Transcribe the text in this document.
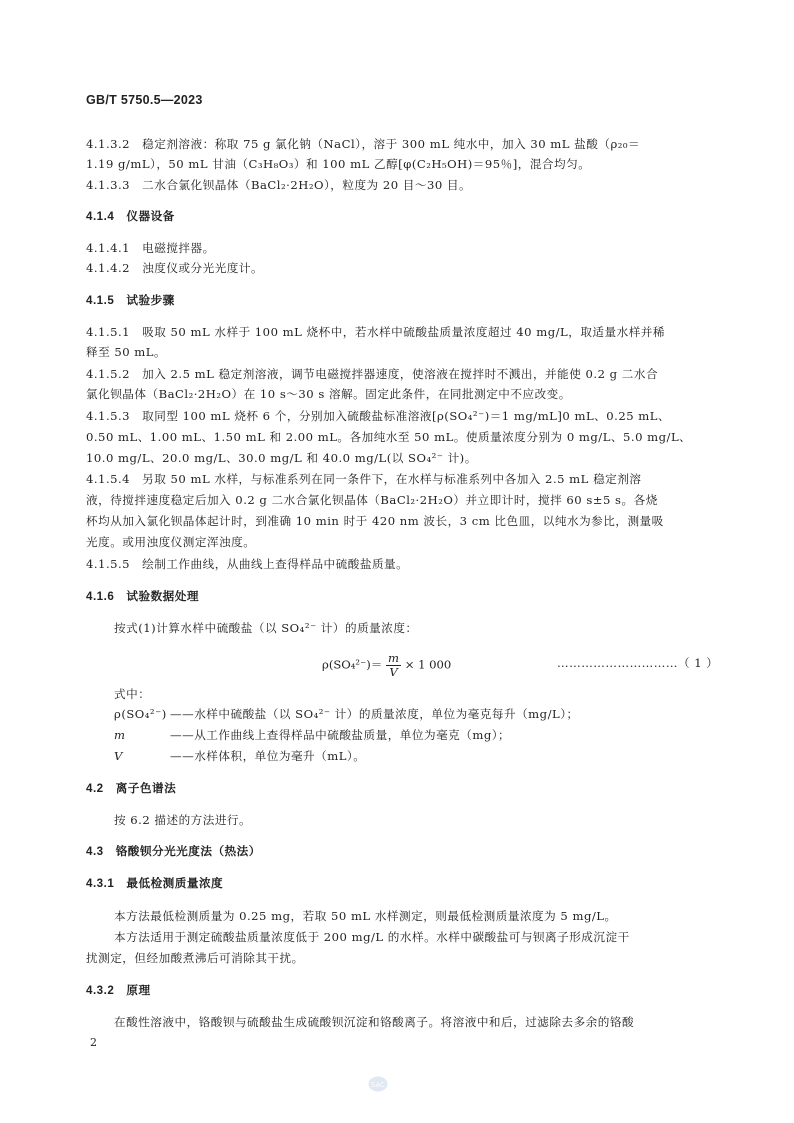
GB/T 5750.5—2023
4.1.3.2　稳定剂溶液：称取 75 g 氯化钠（NaCl），溶于 300 mL 纯水中，加入 30 mL 盐酸（ρ₂₀＝
1.19 g/mL），50 mL 甘油（C₃H₈O₃）和 100 mL 乙醇[φ(C₂H₅OH)＝95％]，混合均匀。
4.1.3.3　二水合氯化钡晶体（BaCl₂·2H₂O），粒度为 20 目～30 目。
4.1.4　仪器设备
4.1.4.1　电磁搅拌器。
4.1.4.2　浊度仪或分光光度计。
4.1.5　试验步骤
4.1.5.1　吸取 50 mL 水样于 100 mL 烧杯中，若水样中硫酸盐质量浓度超过 40 mg/L，取适量水样并稀
释至 50 mL。
4.1.5.2　加入 2.5 mL 稳定剂溶液，调节电磁搅拌器速度，使溶液在搅拌时不溅出，并能使 0.2 g 二水合
氯化钡晶体（BaCl₂·2H₂O）在 10 s～30 s 溶解。固定此条件，在同批测定中不应改变。
4.1.5.3　取同型 100 mL 烧杯 6 个，分别加入硫酸盐标准溶液[ρ(SO₄²⁻)＝1 mg/mL]0 mL、0.25 mL、
0.50 mL、1.00 mL、1.50 mL 和 2.00 mL。各加纯水至 50 mL。使质量浓度分别为 0 mg/L、5.0 mg/L、
10.0 mg/L、20.0 mg/L、30.0 mg/L 和 40.0 mg/L(以 SO₄²⁻ 计)。
4.1.5.4　另取 50 mL 水样，与标准系列在同一条件下，在水样与标准系列中各加入 2.5 mL 稳定剂溶
液，待搅拌速度稳定后加入 0.2 g 二水合氯化钡晶体（BaCl₂·2H₂O）并立即计时，搅拌 60 s±5 s。各烧
杯均从加入氯化钡晶体起计时，到准确 10 min 时于 420 nm 波长，3 cm 比色皿，以纯水为参比，测量吸
光度。或用浊度仪测定浑浊度。
4.1.5.5　绘制工作曲线，从曲线上查得样品中硫酸盐质量。
4.1.6　试验数据处理
按式(1)计算水样中硫酸盐（以 SO₄²⁻ 计）的质量浓度：
$\rho(SO_4^{2-})= \frac{m}{V} \times 1$ 000	…………………………（ 1 ）
式中：
ρ(SO₄²⁻) ——水样中硫酸盐（以 SO₄²⁻ 计）的质量浓度，单位为毫克每升（mg/L）；
m	——从工作曲线上查得样品中硫酸盐质量，单位为毫克（mg）；
V	——水样体积，单位为毫升（mL）。
4.2　离子色谱法
按 6.2 描述的方法进行。
4.3　铬酸钡分光光度法（热法）
4.3.1　最低检测质量浓度
本方法最低检测质量为 0.25 mg，若取 50 mL 水样测定，则最低检测质量浓度为 5 mg/L。
本方法适用于测定硫酸盐质量浓度低于 200 mg/L 的水样。水样中碳酸盐可与钡离子形成沉淀干
扰测定，但经加酸煮沸后可消除其干扰。
4.3.2　原理
在酸性溶液中，铬酸钡与硫酸盐生成硫酸钡沉淀和铬酸离子。将溶液中和后，过滤除去多余的铬酸
2
SAC
